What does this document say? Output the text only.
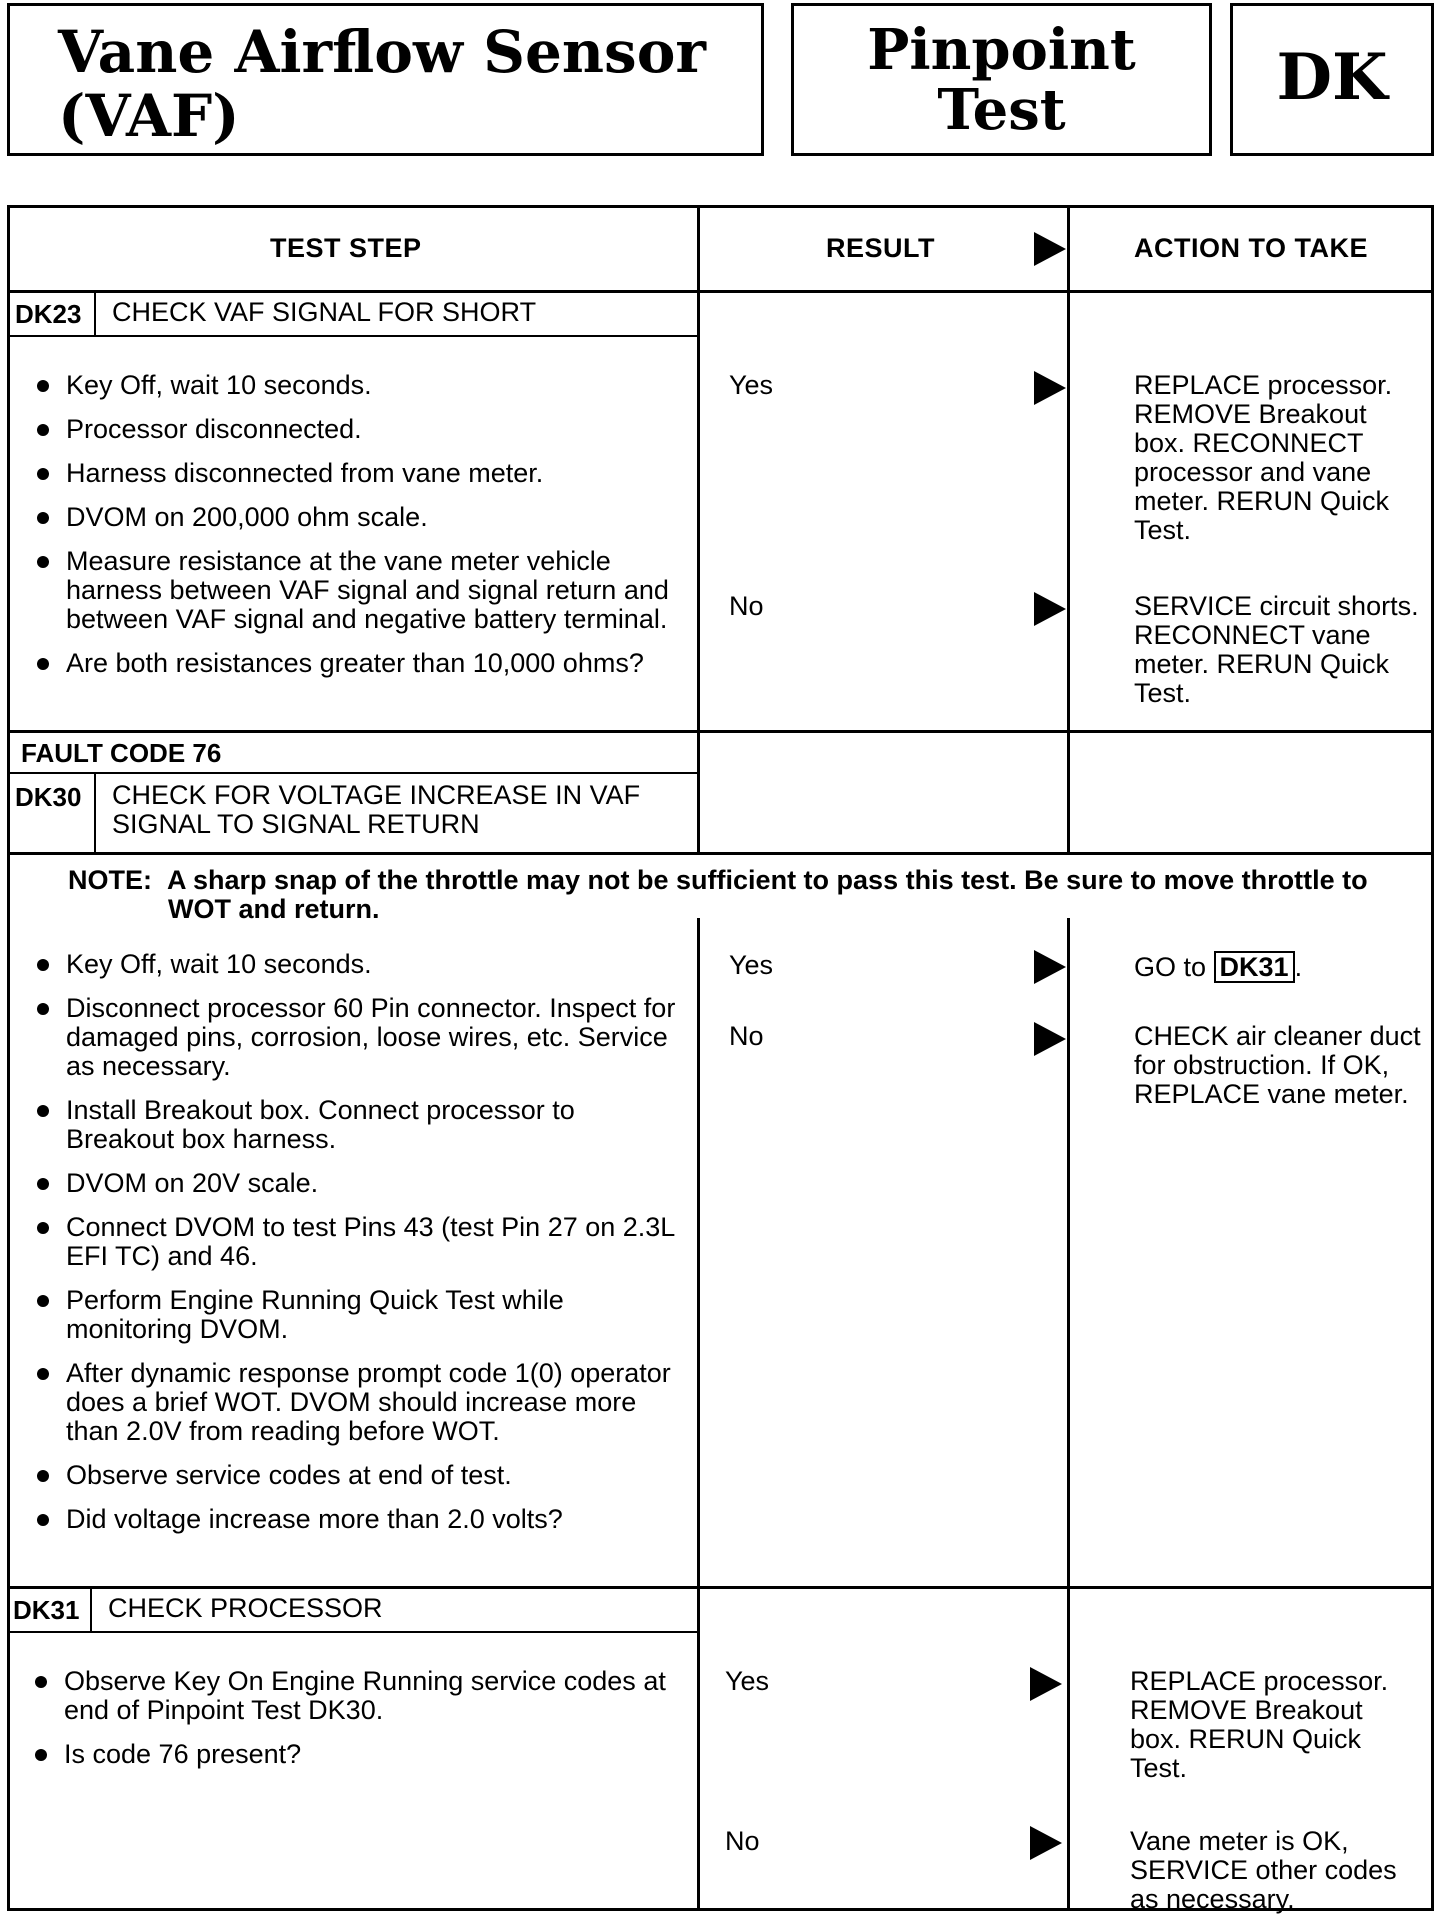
Vane Airflow Sensor
(VAF)
Pinpoint
Test	DK
TEST STEP	RESULT	ACTION TO TAKE
DK23 CHECK VAF SIGNAL FOR SHORT
Key Off, wait 10 seconds.
Processor disconnected.
Harness disconnected from vane meter.
DVOM on 200,000 ohm scale.
Measure resistance at the vane meter vehicle harness between VAF signal and signal return and between VAF signal and negative battery terminal.
Are both resistances greater than 10,000 ohms?
Yes	REPLACE processor. REMOVE Breakout box. RECONNECT processor and vane meter. RERUN Quick Test.
No	SERVICE circuit shorts. RECONNECT vane meter. RERUN Quick Test.
FAULT CODE 76
DK30 CHECK FOR VOLTAGE INCREASE IN VAF SIGNAL TO SIGNAL RETURN
NOTE: A sharp snap of the throttle may not be sufficient to pass this test. Be sure to move throttle to WOT and return.
Key Off, wait 10 seconds.
Disconnect processor 60 Pin connector. Inspect for damaged pins, corrosion, loose wires, etc. Service as necessary.
Install Breakout box. Connect processor to Breakout box harness.
DVOM on 20V scale.
Connect DVOM to test Pins 43 (test Pin 27 on 2.3L EFI TC) and 46.
Perform Engine Running Quick Test while monitoring DVOM.
After dynamic response prompt code 1(0) operator does a brief WOT. DVOM should increase more than 2.0V from reading before WOT.
Observe service codes at end of test.
Did voltage increase more than 2.0 volts?
Yes	GO to DK31 .
No	CHECK air cleaner duct for obstruction. If OK, REPLACE vane meter.
DK31 CHECK PROCESSOR
Observe Key On Engine Running service codes at end of Pinpoint Test DK30.
Is code 76 present?
Yes	REPLACE processor. REMOVE Breakout box. RERUN Quick Test.
No	Vane meter is OK, SERVICE other codes as necessary.
